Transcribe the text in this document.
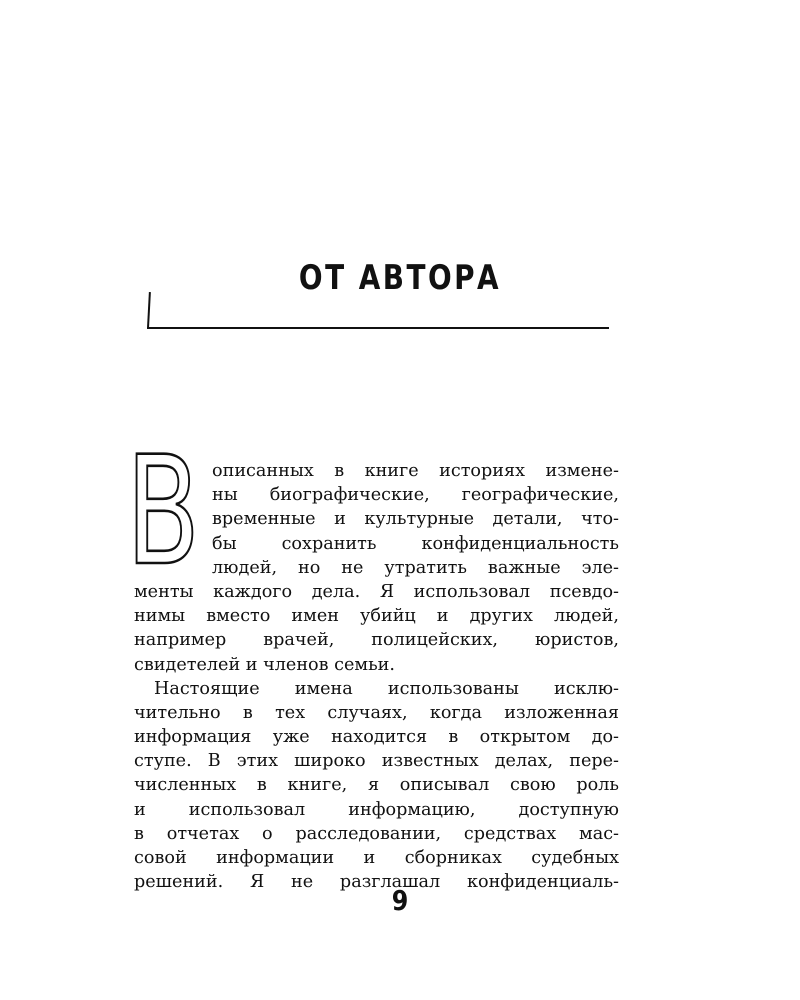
ОТ АВТОРА
В описанных в книге историях измене-
ны биографические, географические,
временные и культурные детали, что-
бы сохранить конфиденциальность
людей, но не утратить важные эле-
менты каждого дела. Я использовал псевдо-
нимы вместо имен убийц и других людей,
например врачей, полицейских, юристов,
свидетелей и членов семьи.

Настоящие имена использованы исклю-
чительно в тех случаях, когда изложенная
информация уже находится в открытом до-
ступе. В этих широко известных делах, пере-
численных в книге, я описывал свою роль
и использовал информацию, доступную
в отчетах о расследовании, средствах мас-
совой информации и сборниках судебных
решений. Я не разглашал конфиденциаль-

9
